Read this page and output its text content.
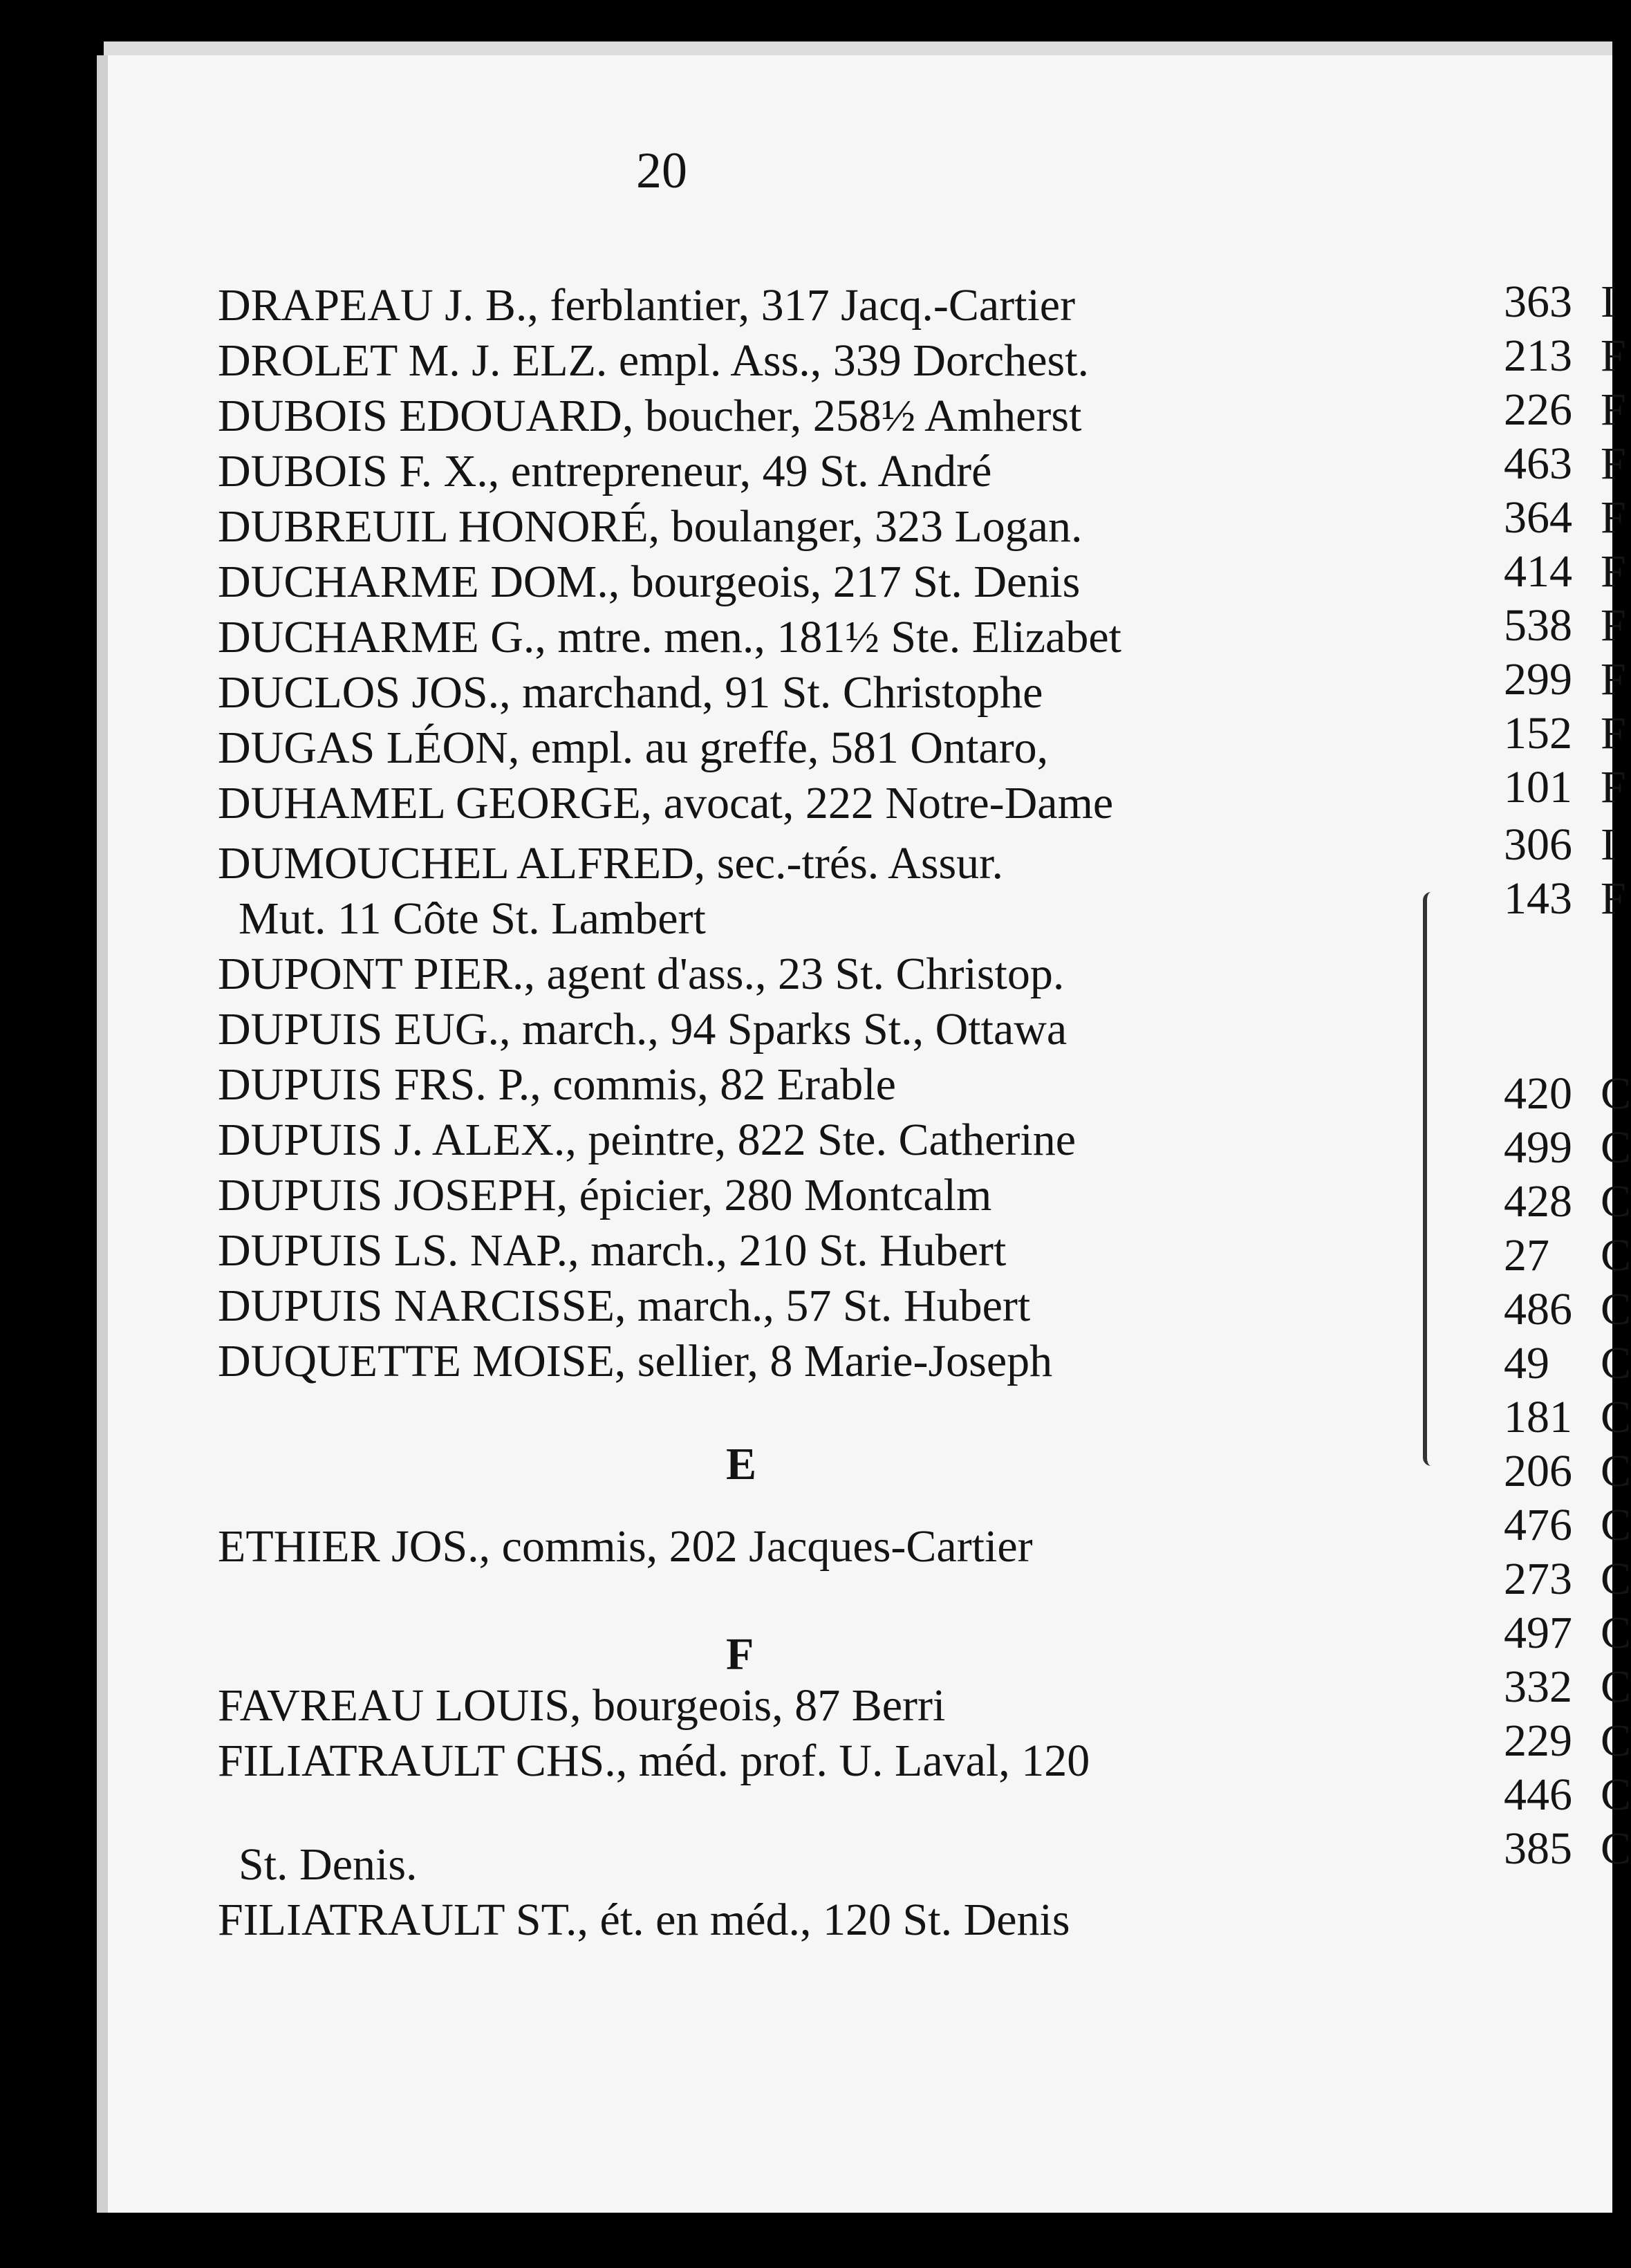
20
DRAPEAU J. B., ferblantier, 317 Jacq.-Cartier
DROLET M. J. ELZ. empl. Ass., 339 Dorchest.
DUBOIS EDOUARD, boucher, 258½ Amherst
DUBOIS F. X., entrepreneur, 49 St. André
DUBREUIL HONORÉ, boulanger, 323 Logan.
DUCHARME DOM., bourgeois, 217 St. Denis
DUCHARME G., mtre. men., 181½ Ste. Elizabet
DUCLOS JOS., marchand, 91 St. Christophe
DUGAS LÉON, empl. au greffe, 581 Ontaro,
DUHAMEL GEORGE, avocat, 222 Notre-Dame
DUMOUCHEL ALFRED, sec.-trés. Assur.
DUPONT PIER., agent d'ass., 23 St. Christop.
DUPUIS EUG., march., 94 Sparks St., Ottawa
DUPUIS FRS. P., commis, 82 Erable
DUPUIS J. ALEX., peintre, 822 Ste. Catherine
DUPUIS JOSEPH, épicier, 280 Montcalm
DUPUIS LS. NAP., march., 210 St. Hubert
DUPUIS NARCISSE, march., 57 St. Hubert
DUQUETTE MOISE, sellier, 8 Marie-Joseph
ETHIER JOS., commis, 202 Jacques-Cartier
FAVREAU LOUIS, bourgeois, 87 Berri
FILIATRAULT CHS., méd. prof. U. Laval, 120
FILIATRAULT ST., ét. en méd., 120 St. Denis
Mut. 11 Côte St. Lambert
St. Denis.
E
F
363 I
213 F
226 F
463 F
364 F
414 F
538 F
299 F
152 F
101 F
306 I
143 F
420 C
499 C
428 C
27 C
486 C
49 C
181 C
206 C
476 C
273 C
497 C
332 C
229 C
446 C
385 C
